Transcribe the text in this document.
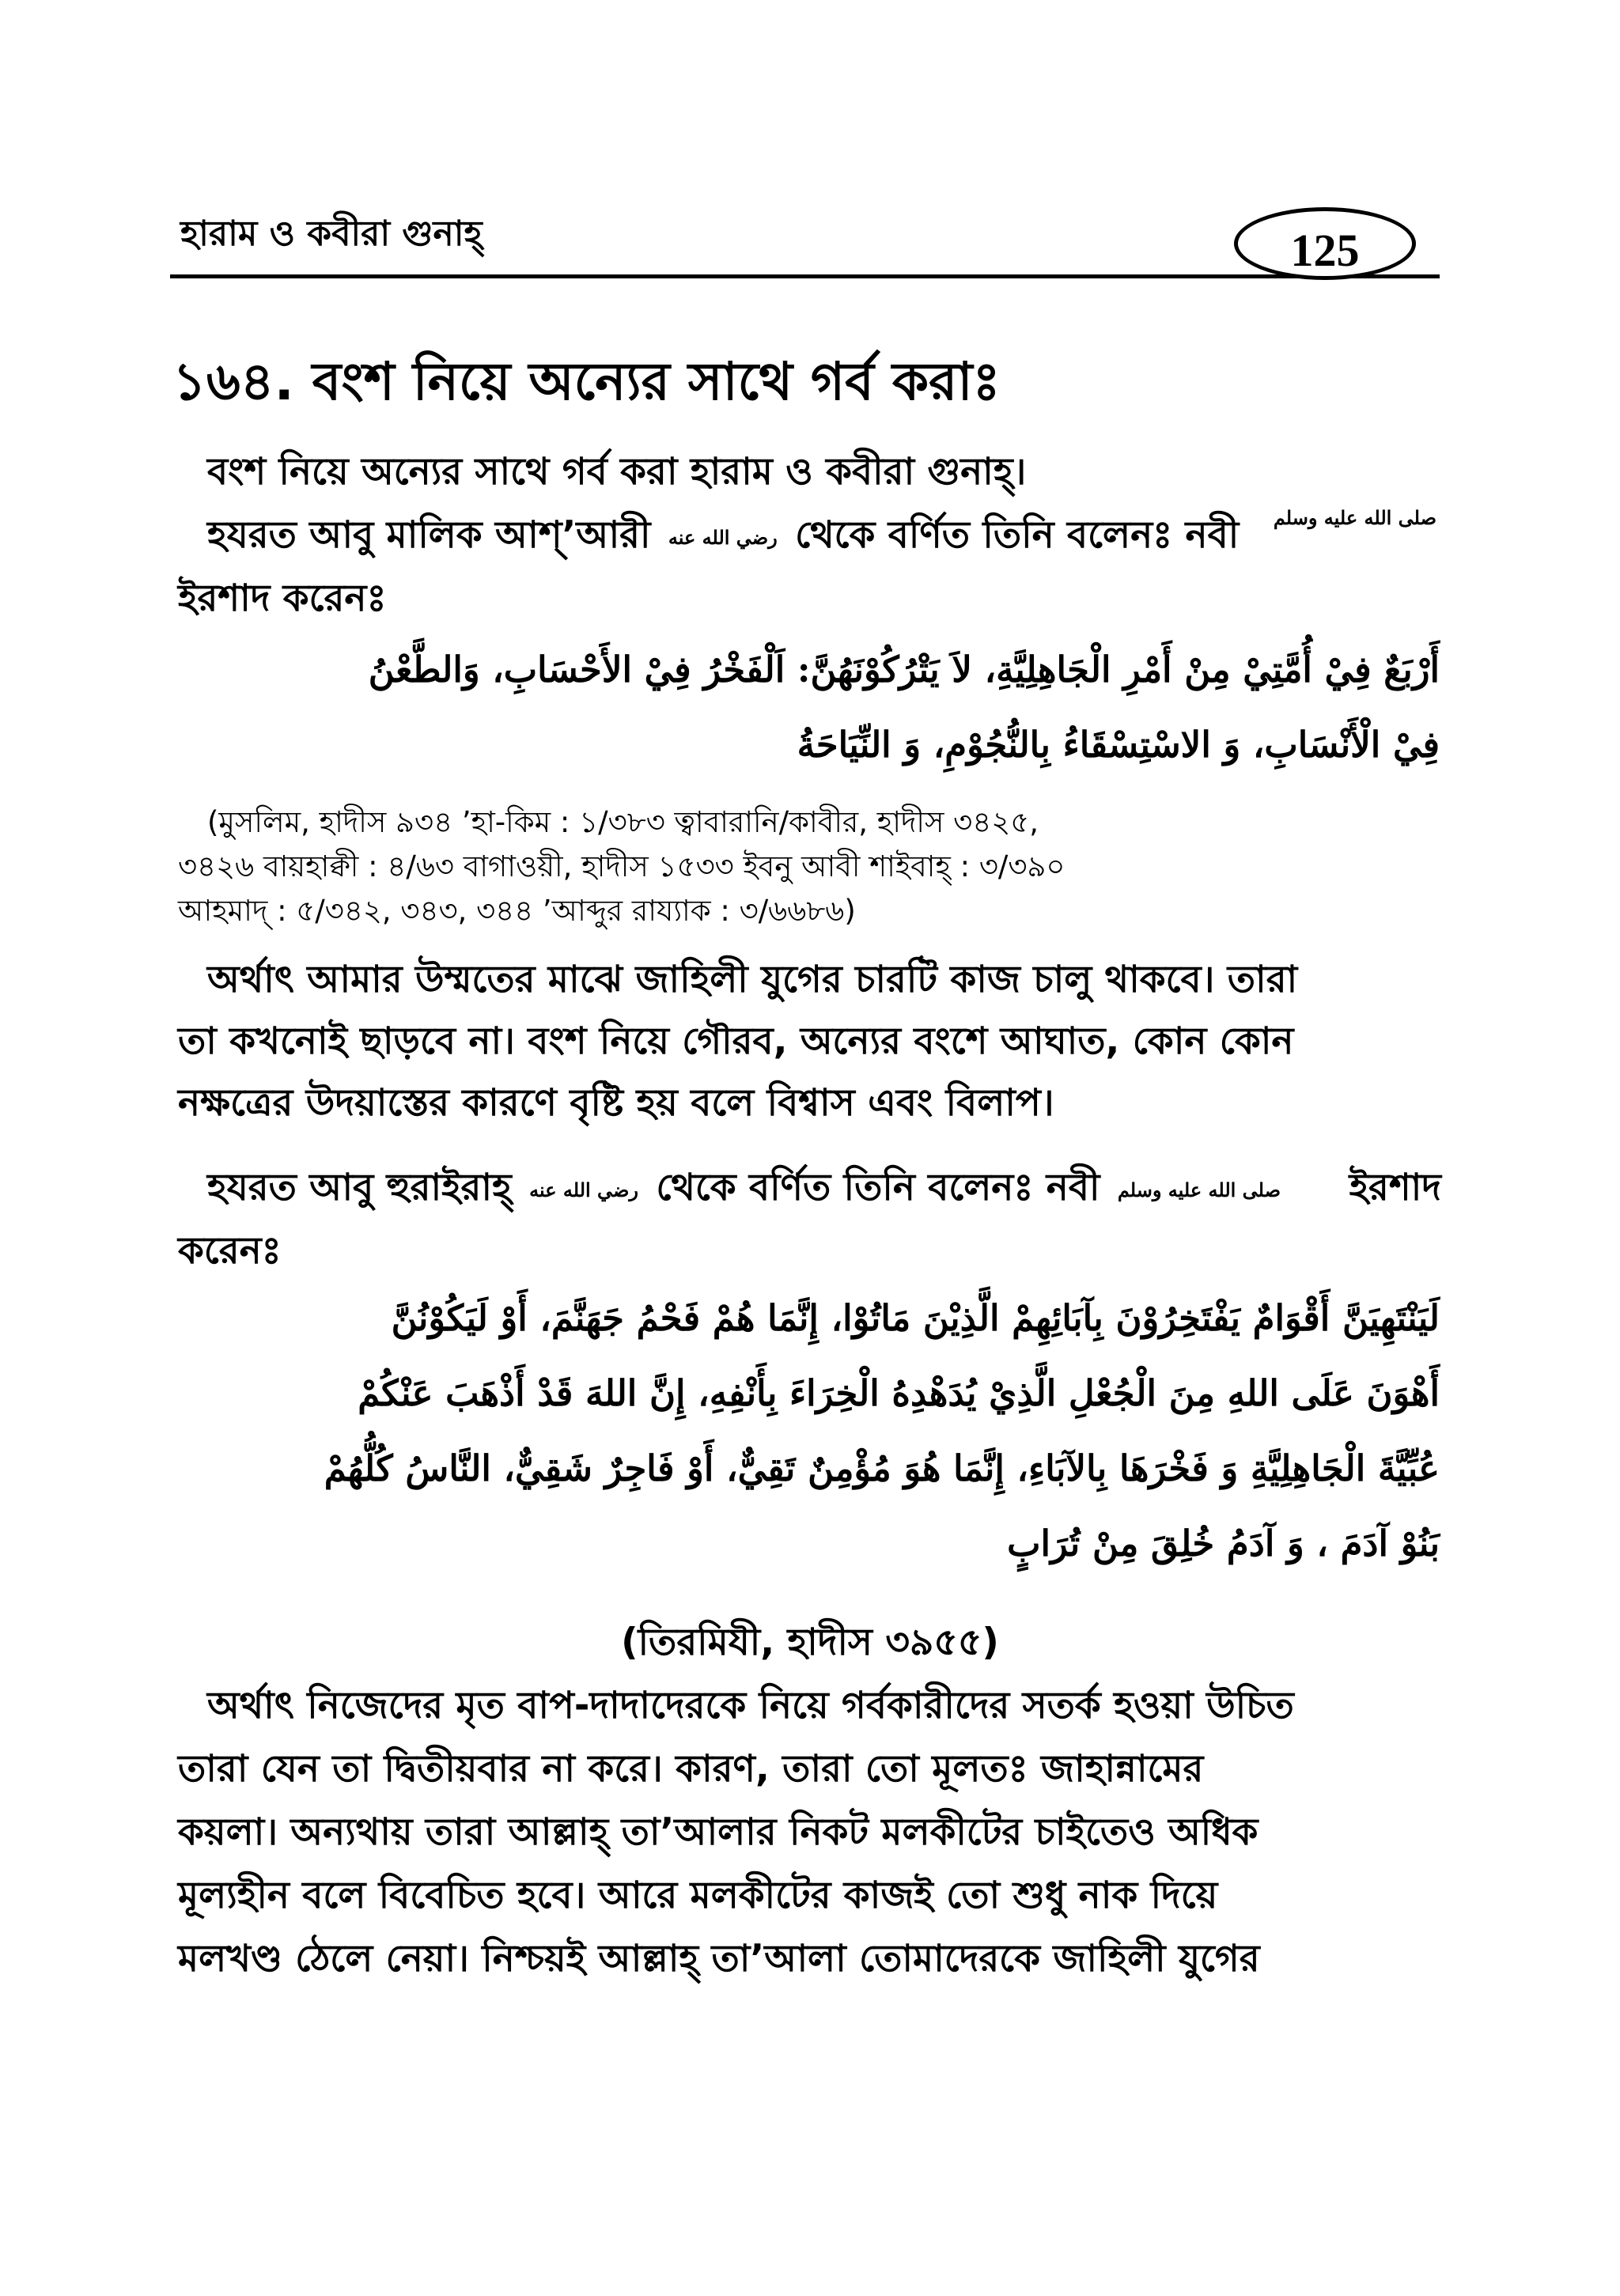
হারাম ও কবীরা গুনাহ্	125
১৬৪. বংশ নিয়ে অন্যের সাথে গর্ব করাঃ
বংশ নিয়ে অন্যের সাথে গর্ব করা হারাম ও কবীরা গুনাহ্।
হযরত আবু মালিক আশ্’আরী رضي الله عنه থেকে বর্ণিত তিনি বলেনঃ নবী صلى الله عليه وسلم
ইরশাদ করেনঃ
أَرْبَعٌ فِيْ أُمَّتِيْ مِنْ أَمْرِ الْجَاهِلِيَّةِ، لاَ يَتْرُكُوْنَهُنَّ: اَلْفَخْرُ فِيْ الأَحْسَابِ، وَالطَّعْنُ
فِيْ الْأَنْسَابِ، وَ الاسْتِسْقَاءُ بِالنُّجُوْمِ، وَ النِّيَاحَةُ
(মুসলিম, হাদীস ৯৩৪ ’হা-কিম : ১/৩৮৩ ত্বাবারানি/কাবীর, হাদীস ৩৪২৫,
৩৪২৬ বায়হাক্বী : ৪/৬৩ বাগাওয়ী, হাদীস ১৫৩৩ ইবনু আবী শাইবাহ্ : ৩/৩৯০
আহমাদ্ : ৫/৩৪২, ৩৪৩, ৩৪৪ ’আব্দুর রায্যাক : ৩/৬৬৮৬)
অর্থাৎ আমার উম্মতের মাঝে জাহিলী যুগের চারটি কাজ চালু থাকবে। তারা
তা কখনোই ছাড়বে না। বংশ নিয়ে গৌরব, অন্যের বংশে আঘাত, কোন কোন
নক্ষত্রের উদয়াস্তের কারণে বৃষ্টি হয় বলে বিশ্বাস এবং বিলাপ।
হযরত আবু হুরাইরাহ্ رضي الله عنه থেকে বর্ণিত তিনি বলেনঃ নবী صلى الله عليه وسلم ইরশাদ
করেনঃ
لَيَنْتَهِيَنَّ أَقْوَامٌ يَفْتَخِرُوْنَ بِآبَائِهِمْ الَّذِيْنَ مَاتُوْا، إِنَّمَا هُمْ فَحْمُ جَهَنَّمَ، أَوْ لَيَكُوْنُنَّ
أَهْوَنَ عَلَى اللهِ مِنَ الْجُعْلِ الَّذِيْ يُدَهْدِهُ الْخِرَاءَ بِأَنْفِهِ، إِنَّ اللهَ قَدْ أَذْهَبَ عَنْكُمْ
عُبِّيَّةَ الْجَاهِلِيَّةِ وَ فَخْرَهَا بِالآبَاءِ، إِنَّمَا هُوَ مُؤْمِنٌ تَقِيٌّ، أَوْ فَاجِرٌ شَقِيٌّ، النَّاسُ كُلُّهُمْ
بَنُوْ آدَمَ ، وَ آدَمُ خُلِقَ مِنْ تُرَابٍ
(তিরমিযী, হাদীস ৩৯৫৫)
অর্থাৎ নিজেদের মৃত বাপ-দাদাদেরকে নিয়ে গর্বকারীদের সতর্ক হওয়া উচিত
তারা যেন তা দ্বিতীয়বার না করে। কারণ, তারা তো মূলতঃ জাহান্নামের
কয়লা। অন্যথায় তারা আল্লাহ্ তা’আলার নিকট মলকীটের চাইতেও অধিক
মূল্যহীন বলে বিবেচিত হবে। আরে মলকীটের কাজই তো শুধু নাক দিয়ে
মলখণ্ড ঠেলে নেয়া। নিশ্চয়ই আল্লাহ্ তা’আলা তোমাদেরকে জাহিলী যুগের
